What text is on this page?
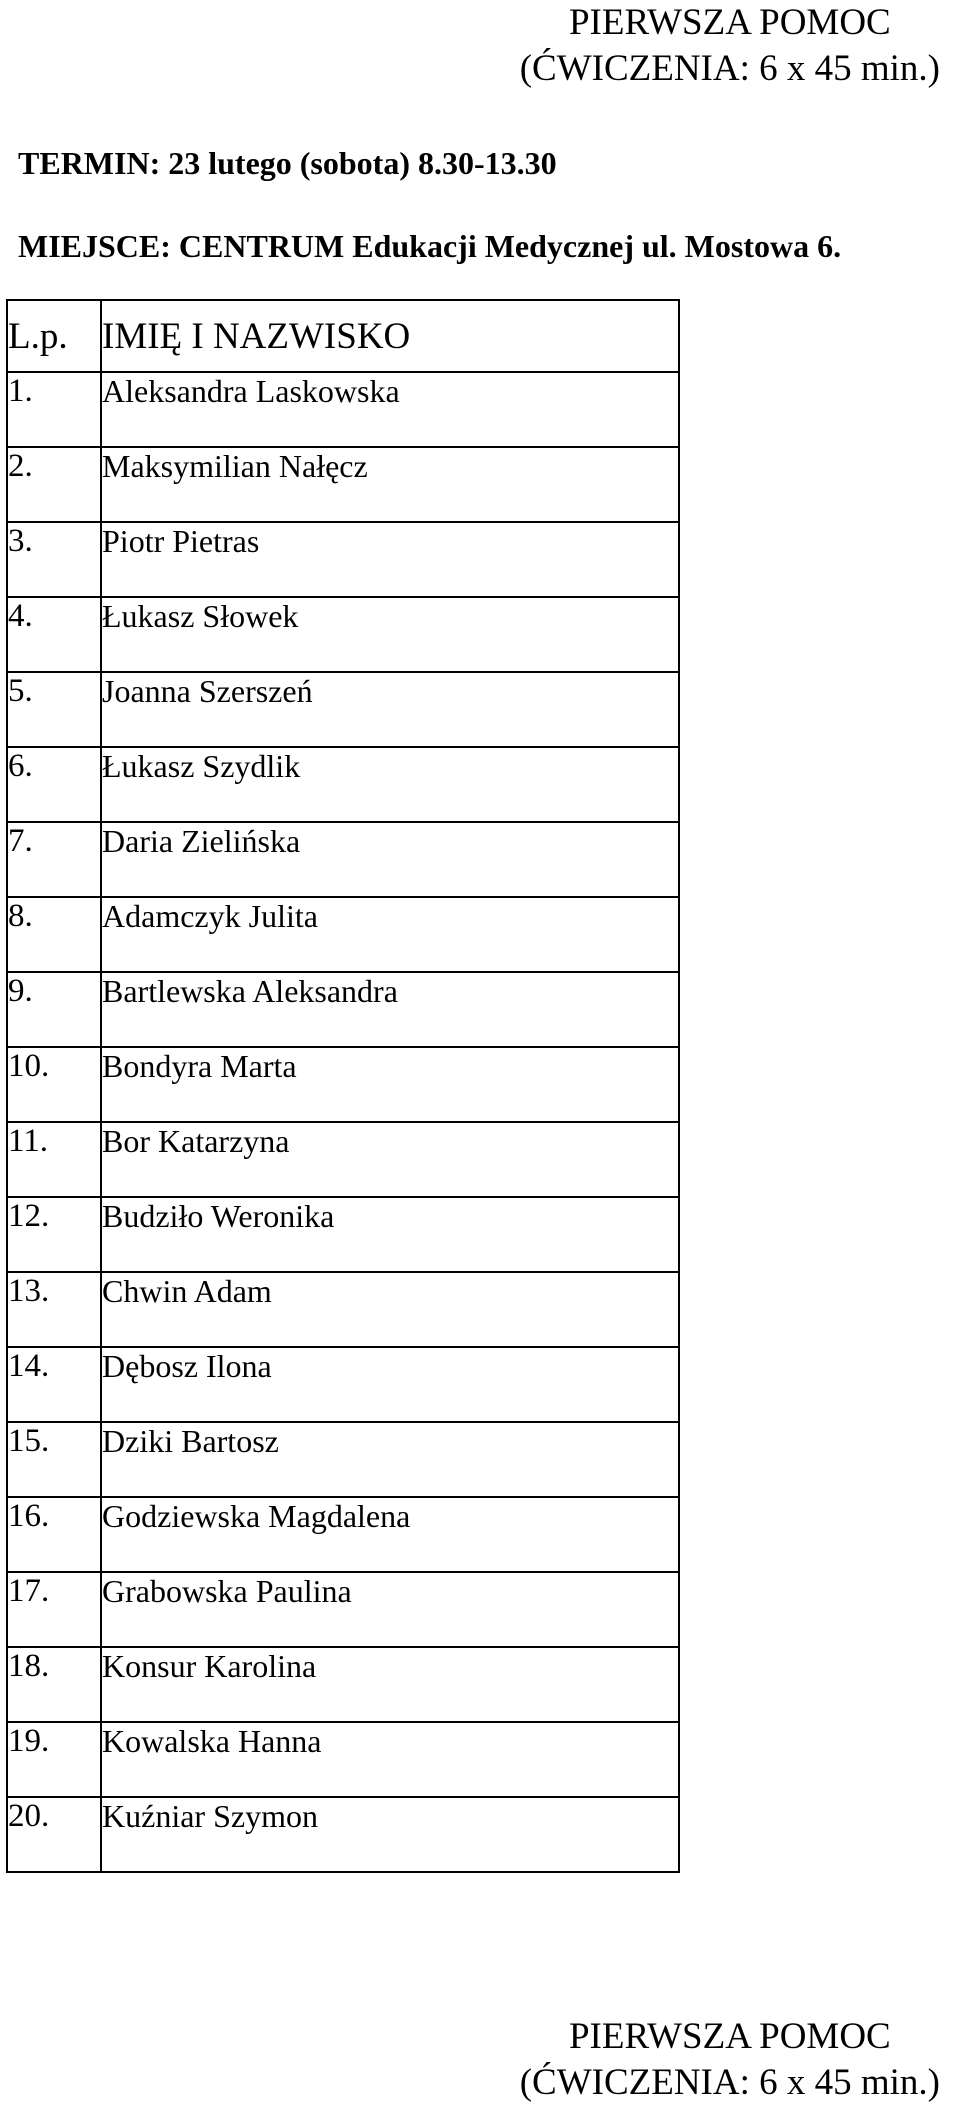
PIERWSZA POMOC
(ĆWICZENIA: 6 x 45 min.)
TERMIN: 23 lutego (sobota) 8.30-13.30
MIEJSCE: CENTRUM Edukacji Medycznej ul. Mostowa 6.
L.p.	IMIĘ I NAZWISKO
1.	Aleksandra Laskowska
2.	Maksymilian Nałęcz
3.	Piotr Pietras
4.	Łukasz Słowek
5.	Joanna Szerszeń
6.	Łukasz Szydlik
7.	Daria Zielińska
8.	Adamczyk Julita
9.	Bartlewska Aleksandra
10.	Bondyra Marta
11.	Bor Katarzyna
12.	Budziło Weronika
13.	Chwin Adam
14.	Dębosz Ilona
15.	Dziki Bartosz
16.	Godziewska Magdalena
17.	Grabowska Paulina
18.	Konsur Karolina
19.	Kowalska Hanna
20.	Kuźniar Szymon
PIERWSZA POMOC
(ĆWICZENIA: 6 x 45 min.)
